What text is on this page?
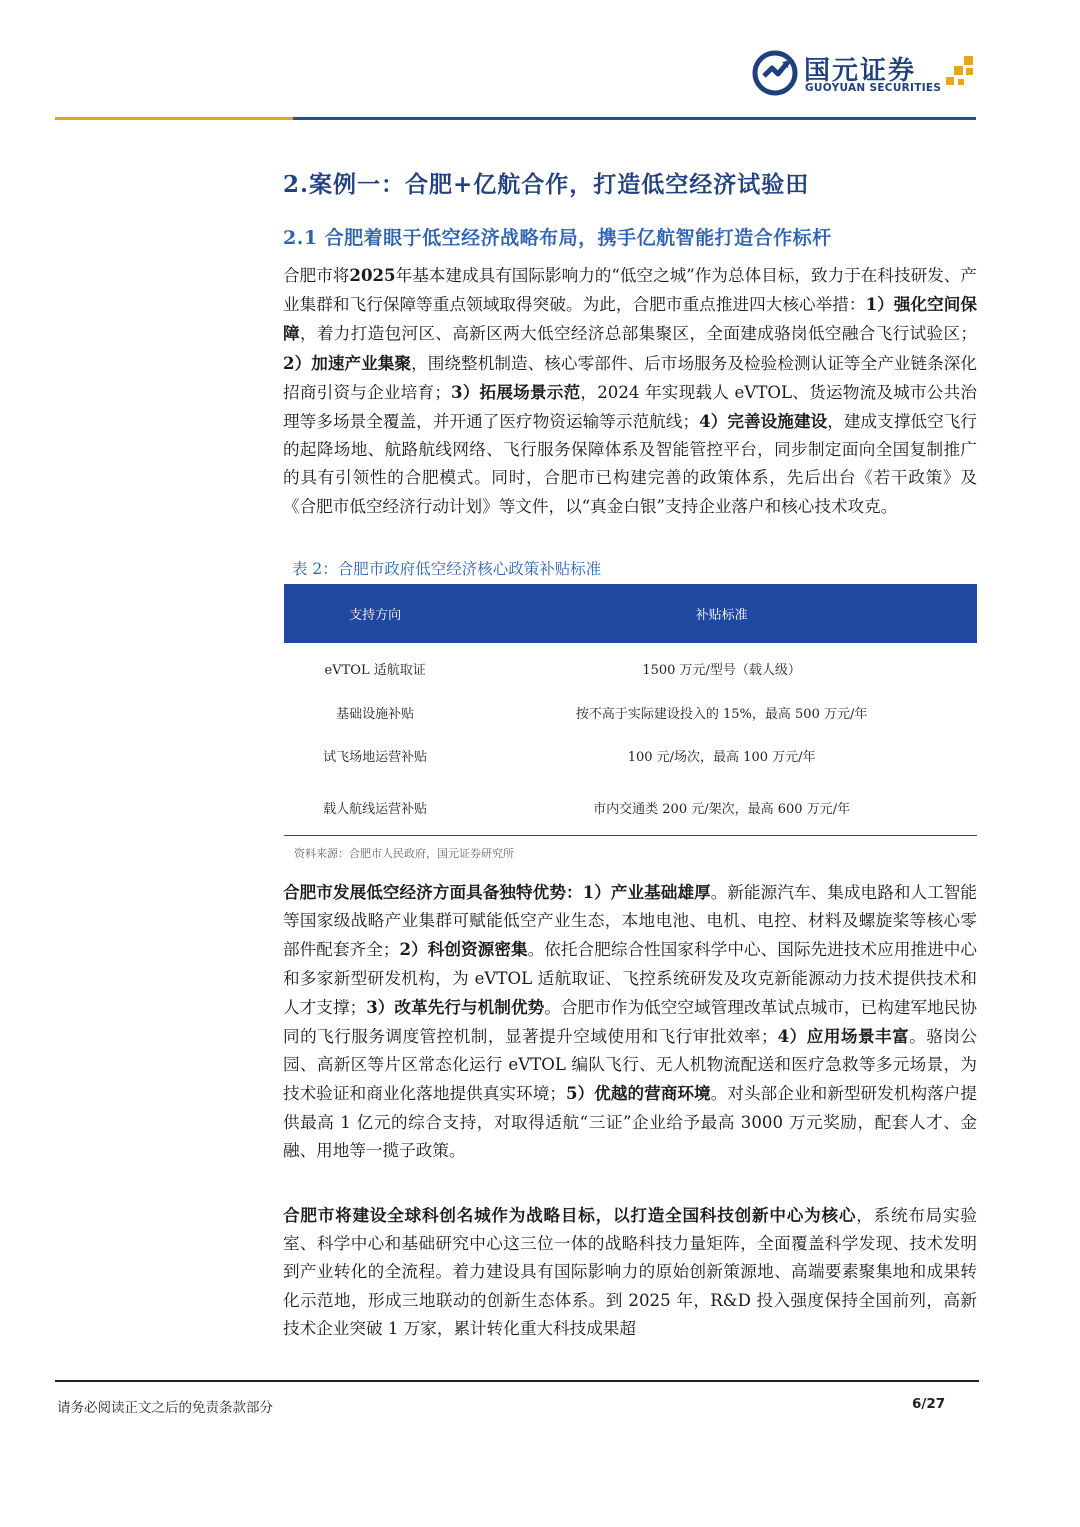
国元证券
GUOYUAN SECURITIES
2.案例一：合肥+亿航合作，打造低空经济试验田
2.1 合肥着眼于低空经济战略布局，携手亿航智能打造合作标杆

合肥市将2025年基本建成具有国际影响力的“低空之城”作为总体目标，致力于在科技研发、产业集群和飞行保障等重点领域取得突破。为此，合肥市重点推进四大核心举措：1）强化空间保障，着力打造包河区、高新区两大低空经济总部集聚区，全面建成骆岗低空融合飞行试验区；2）加速产业集聚，围绕整机制造、核心零部件、后市场服务及检验检测认证等全产业链条深化招商引资与企业培育；3）拓展场景示范，2024 年实现载人 eVTOL、货运物流及城市公共治理等多场景全覆盖，并开通了医疗物资运输等示范航线；4）完善设施建设，建成支撑低空飞行的起降场地、航路航线网络、飞行服务保障体系及智能管控平台，同步制定面向全国复制推广的具有引领性的合肥模式。同时，合肥市已构建完善的政策体系，先后出台《若干政策》及《合肥市低空经济行动计划》等文件，以“真金白银”支持企业落户和核心技术攻克。

表 2：合肥市政府低空经济核心政策补贴标准
支持方向	补贴标准
eVTOL 适航取证	1500 万元/型号（载人级）
基础设施补贴	按不高于实际建设投入的 15%，最高 500 万元/年
试飞场地运营补贴	100 元/场次，最高 100 万元/年
载人航线运营补贴	市内交通类 200 元/架次，最高 600 万元/年
资料来源：合肥市人民政府，国元证券研究所

合肥市发展低空经济方面具备独特优势：1）产业基础雄厚。新能源汽车、集成电路和人工智能等国家级战略产业集群可赋能低空产业生态，本地电池、电机、电控、材料及螺旋桨等核心零部件配套齐全；2）科创资源密集。依托合肥综合性国家科学中心、国际先进技术应用推进中心和多家新型研发机构，为 eVTOL 适航取证、飞控系统研发及攻克新能源动力技术提供技术和人才支撑；3）改革先行与机制优势。合肥市作为低空空域管理改革试点城市，已构建军地民协同的飞行服务调度管控机制，显著提升空域使用和飞行审批效率；4）应用场景丰富。骆岗公园、高新区等片区常态化运行 eVTOL 编队飞行、无人机物流配送和医疗急救等多元场景，为技术验证和商业化落地提供真实环境；5）优越的营商环境。对头部企业和新型研发机构落户提供最高 1 亿元的综合支持，对取得适航“三证”企业给予最高 3000 万元奖励，配套人才、金融、用地等一揽子政策。

合肥市将建设全球科创名城作为战略目标，以打造全国科技创新中心为核心，系统布局实验室、科学中心和基础研究中心这三位一体的战略科技力量矩阵，全面覆盖科学发现、技术发明到产业转化的全流程。着力建设具有国际影响力的原始创新策源地、高端要素聚集地和成果转化示范地，形成三地联动的创新生态体系。到 2025 年，R&D 投入强度保持全国前列，高新技术企业突破 1 万家，累计转化重大科技成果超

请务必阅读正文之后的免责条款部分	6/27
